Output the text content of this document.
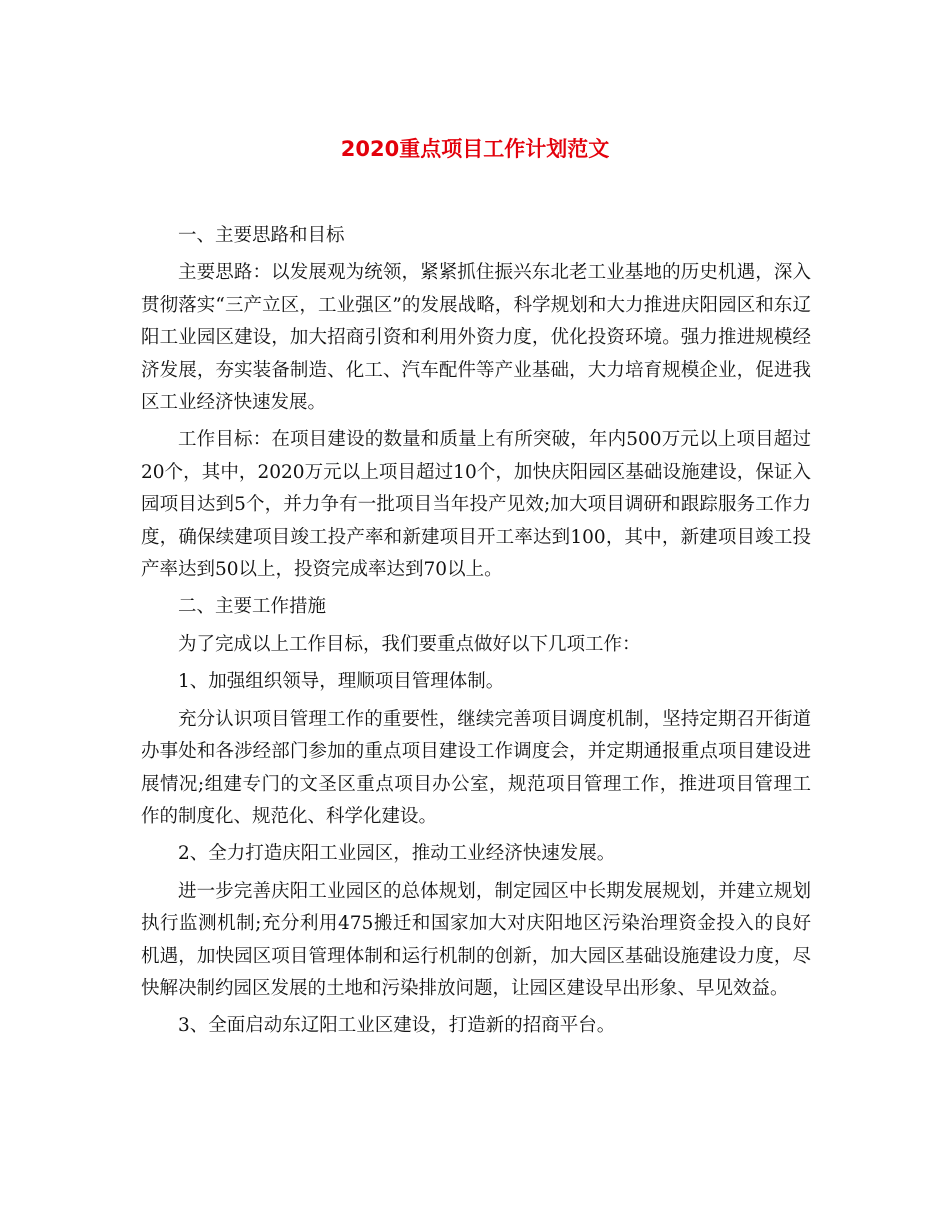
2020重点项目工作计划范文

一、主要思路和目标

主要思路：以发展观为统领，紧紧抓住振兴东北老工业基地的历史机遇，深入贯彻落实“三产立区，工业强区”的发展战略，科学规划和大力推进庆阳园区和东辽阳工业园区建设，加大招商引资和利用外资力度，优化投资环境。强力推进规模经济发展，夯实装备制造、化工、汽车配件等产业基础，大力培育规模企业，促进我区工业经济快速发展。

工作目标：在项目建设的数量和质量上有所突破，年内500万元以上项目超过20个，其中，2020万元以上项目超过10个，加快庆阳园区基础设施建设，保证入园项目达到5个，并力争有一批项目当年投产见效;加大项目调研和跟踪服务工作力度，确保续建项目竣工投产率和新建项目开工率达到100，其中，新建项目竣工投产率达到50以上，投资完成率达到70以上。

二、主要工作措施

为了完成以上工作目标，我们要重点做好以下几项工作：

1、加强组织领导，理顺项目管理体制。

充分认识项目管理工作的重要性，继续完善项目调度机制，坚持定期召开街道办事处和各涉经部门参加的重点项目建设工作调度会，并定期通报重点项目建设进展情况;组建专门的文圣区重点项目办公室，规范项目管理工作，推进项目管理工作的制度化、规范化、科学化建设。

2、全力打造庆阳工业园区，推动工业经济快速发展。

进一步完善庆阳工业园区的总体规划，制定园区中长期发展规划，并建立规划执行监测机制;充分利用475搬迁和国家加大对庆阳地区污染治理资金投入的良好机遇，加快园区项目管理体制和运行机制的创新，加大园区基础设施建设力度，尽快解决制约园区发展的土地和污染排放问题，让园区建设早出形象、早见效益。

3、全面启动东辽阳工业区建设，打造新的招商平台。
